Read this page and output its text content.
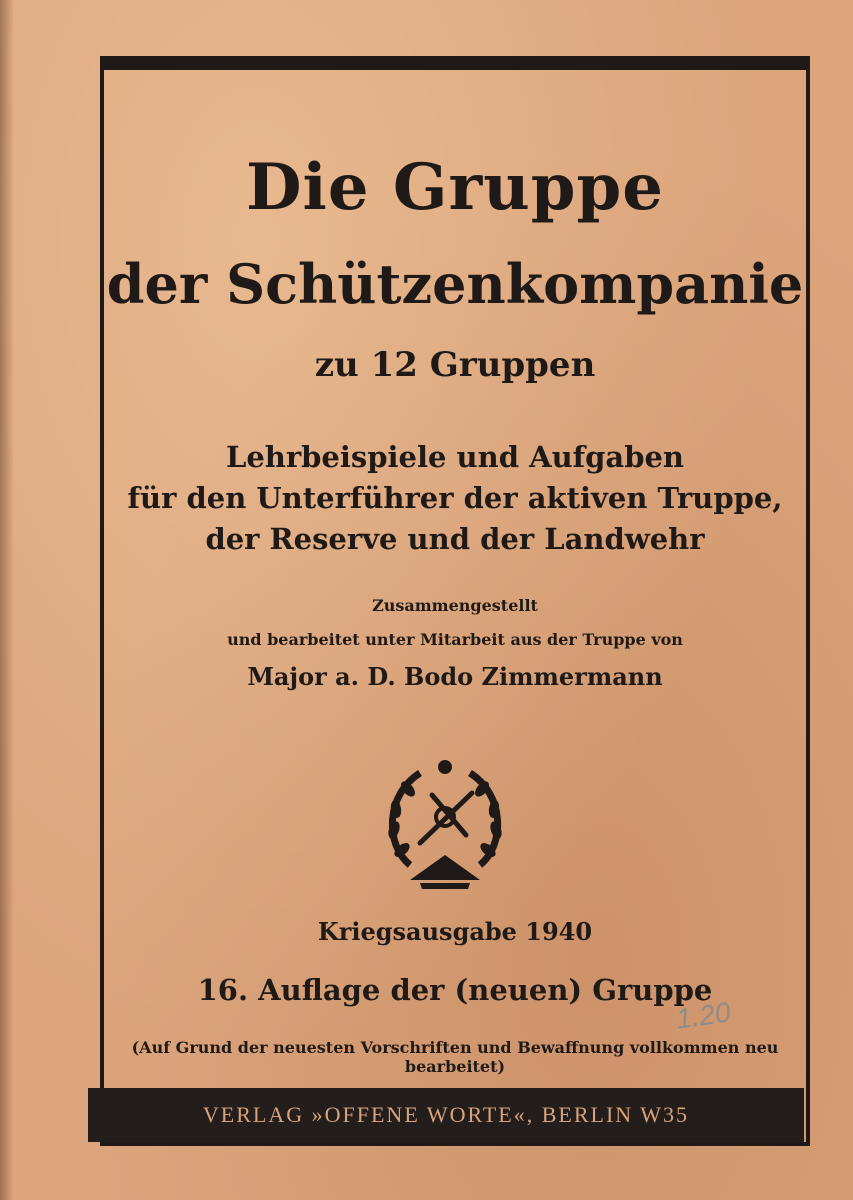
Die Gruppe
der Schützenkompanie
zu 12 Gruppen
Lehrbeispiele und Aufgaben
für den Unterführer der aktiven Truppe,
der Reserve und der Landwehr
Zusammengestellt
und bearbeitet unter Mitarbeit aus der Truppe von
Major a. D. Bodo Zimmermann
Kriegsausgabe 1940
16. Auflage der (neuen) Gruppe
(Auf Grund der neuesten Vorschriften und Bewaffnung vollkommen neu bearbeitet)
1.20
VERLAG »OFFENE WORTE«, BERLIN W35
